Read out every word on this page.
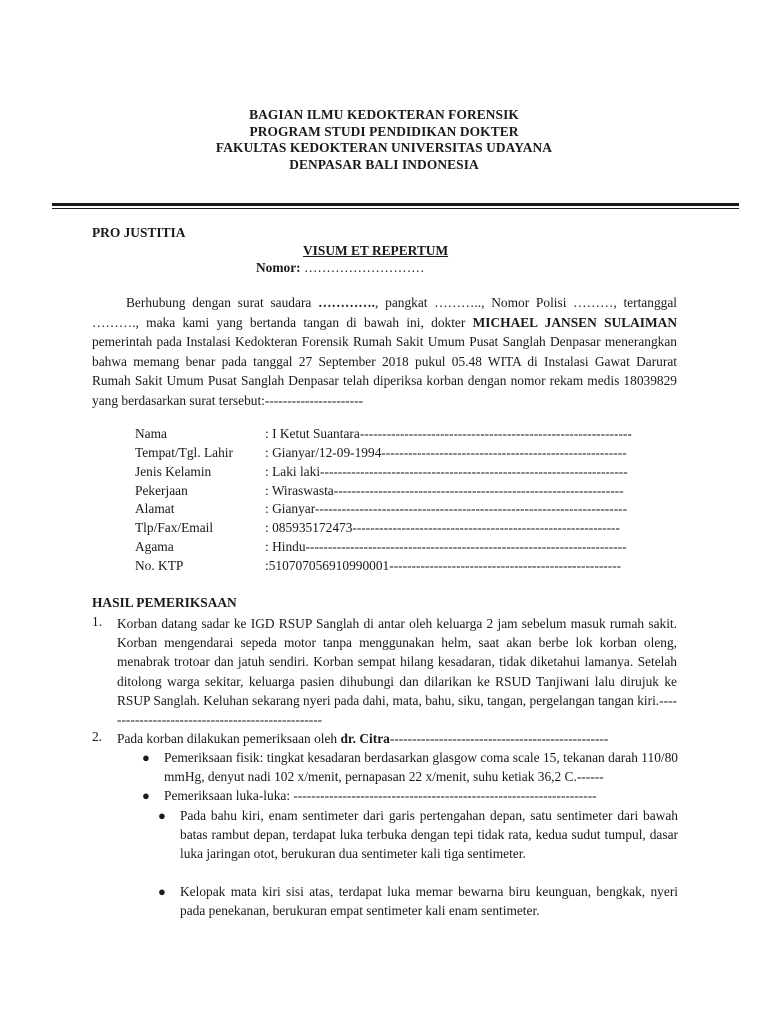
BAGIAN ILMU KEDOKTERAN FORENSIK
PROGRAM STUDI PENDIDIKAN DOKTER
FAKULTAS KEDOKTERAN UNIVERSITAS UDAYANA
DENPASAR BALI INDONESIA
PRO JUSTITIA
VISUM ET REPERTUM
Nomor: ………………………
Berhubung dengan surat saudara …………., pangkat ……….., Nomor Polisi ………, tertanggal ………., maka kami yang bertanda tangan di bawah ini, dokter MICHAEL JANSEN SULAIMAN pemerintah pada Instalasi Kedokteran Forensik Rumah Sakit Umum Pusat Sanglah Denpasar menerangkan bahwa memang benar pada tanggal 27 September 2018 pukul 05.48 WITA di Instalasi Gawat Darurat Rumah Sakit Umum Pusat Sanglah Denpasar telah diperiksa korban dengan nomor rekam medis 18039829 yang berdasarkan surat tersebut:----------------------
Nama	: I Ketut Suantara-------------------------------------------------------------
Tempat/Tgl. Lahir : Gianyar/12-09-1994-------------------------------------------------------
Jenis Kelamin	: Laki laki---------------------------------------------------------------------
Pekerjaan	: Wiraswasta-----------------------------------------------------------------
Alamat	: Gianyar----------------------------------------------------------------------
Tlp/Fax/Email	: 085935172473------------------------------------------------------------
Agama	: Hindu------------------------------------------------------------------------
No. KTP	:510707056910990001----------------------------------------------------
HASIL PEMERIKSAAN
1. Korban datang sadar ke IGD RSUP Sanglah di antar oleh keluarga 2 jam sebelum masuk rumah sakit. Korban mengendarai sepeda motor tanpa menggunakan helm, saat akan berbe lok korban oleng, menabrak trotoar dan jatuh sendiri. Korban sempat hilang kesadaran, tidak diketahui lamanya. Setelah ditolong warga sekitar, keluarga pasien dihubungi dan dilarikan ke RSUD Tanjiwani lalu dirujuk ke RSUP Sanglah. Keluhan sekarang nyeri pada dahi, mata, bahu, siku, tangan, pergelangan tangan kiri.--------------------------------------------------
2. Pada korban dilakukan pemeriksaan oleh dr. Citra-------------------------------------------------
● Pemeriksaan fisik: tingkat kesadaran berdasarkan glasgow coma scale 15, tekanan darah 110/80 mmHg, denyut nadi 102 x/menit, pernapasan 22 x/menit, suhu ketiak 36,2 C.------
● Pemeriksaan luka-luka: --------------------------------------------------------------------
● Pada bahu kiri, enam sentimeter dari garis pertengahan depan, satu sentimeter dari bawah batas rambut depan, terdapat luka terbuka dengan tepi tidak rata, kedua sudut tumpul, dasar luka jaringan otot, berukuran dua sentimeter kali tiga sentimeter.
● Kelopak mata kiri sisi atas, terdapat luka memar bewarna biru keunguan, bengkak, nyeri pada penekanan, berukuran empat sentimeter kali enam sentimeter.
